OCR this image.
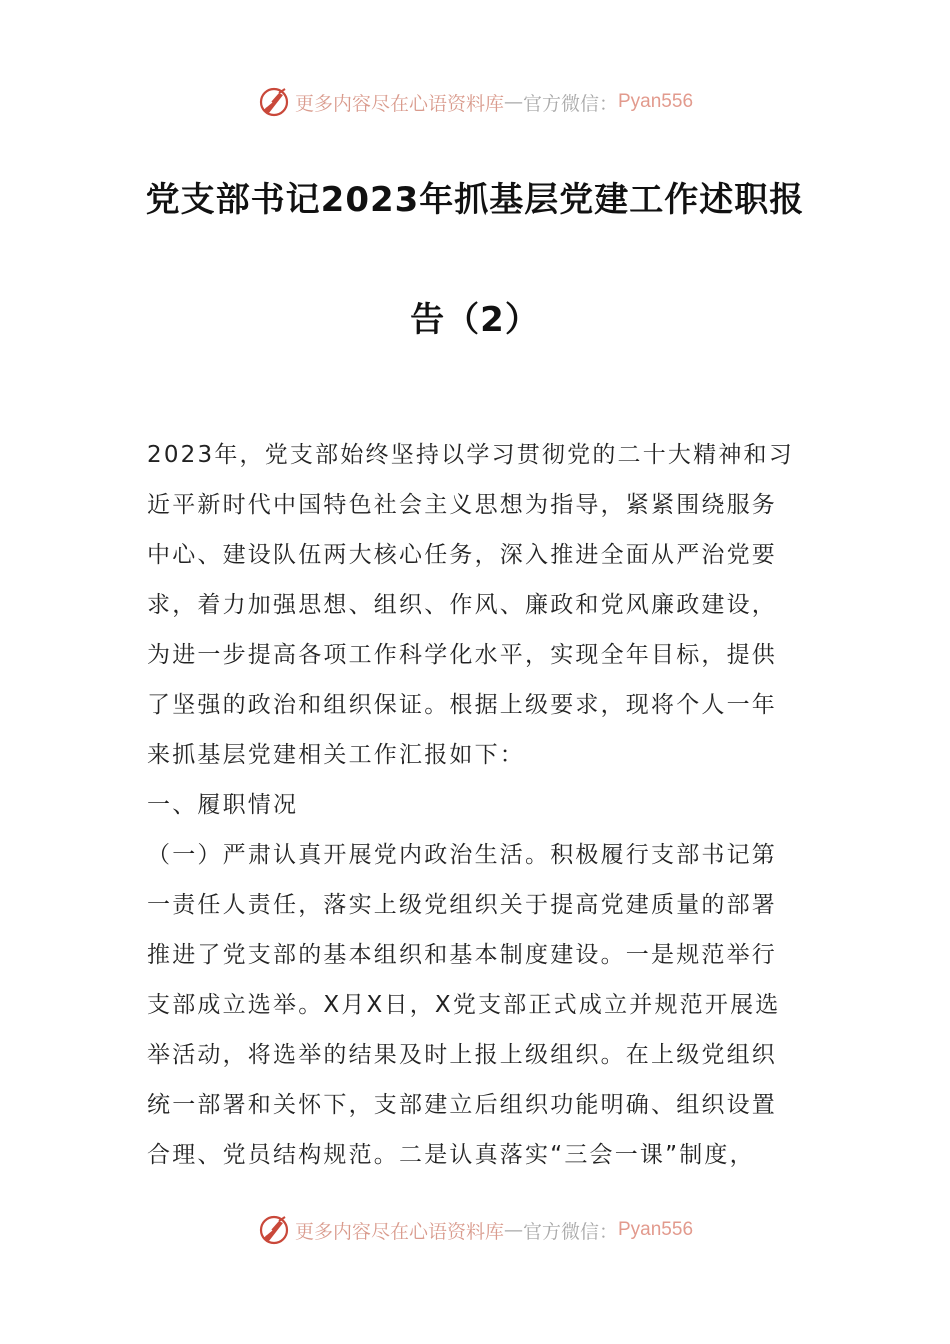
更多内容尽在心语资料库 — 官方微信： Pyan556
党支部书记2023年抓基层党建工作述职报
告（2）
2023年，党支部始终坚持以学习贯彻党的二十大精神和习
近平新时代中国特色社会主义思想为指导，紧紧围绕服务
中心、建设队伍两大核心任务，深入推进全面从严治党要
求，着力加强思想、组织、作风、廉政和党风廉政建设，
为进一步提高各项工作科学化水平，实现全年目标，提供
了坚强的政治和组织保证。根据上级要求，现将个人一年
来抓基层党建相关工作汇报如下：
一、履职情况
（一）严肃认真开展党内政治生活。积极履行支部书记第
一责任人责任，落实上级党组织关于提高党建质量的部署
推进了党支部的基本组织和基本制度建设。一是规范举行
支部成立选举。X月X日，X党支部正式成立并规范开展选
举活动，将选举的结果及时上报上级组织。在上级党组织
统一部署和关怀下，支部建立后组织功能明确、组织设置
合理、党员结构规范。二是认真落实“三会一课”制度，
更多内容尽在心语资料库 — 官方微信： Pyan556
